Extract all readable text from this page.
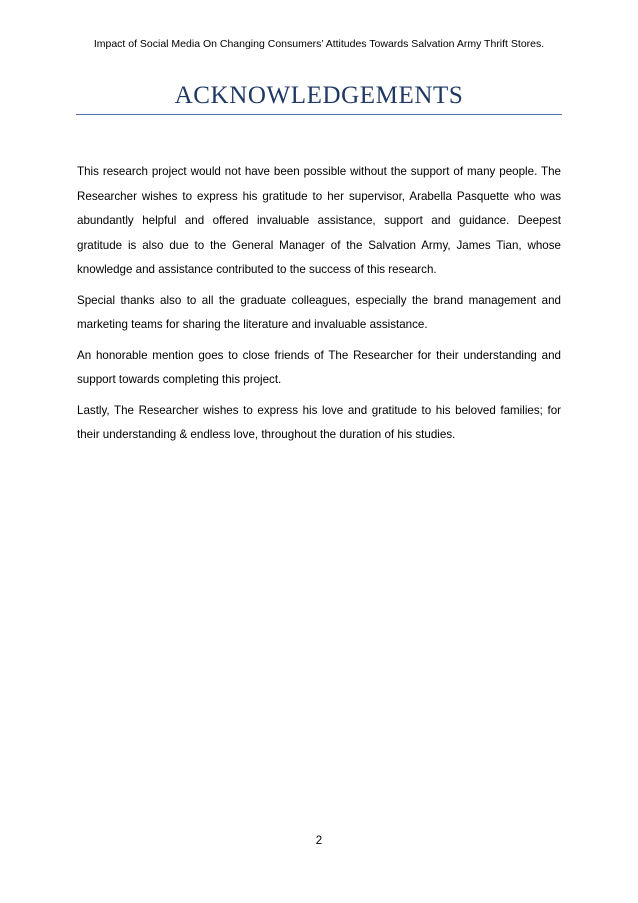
Impact of Social Media On Changing Consumers’ Attitudes Towards Salvation Army Thrift Stores.
ACKNOWLEDGEMENTS

This research project would not have been possible without the support of many people. The Researcher wishes to express his gratitude to her supervisor, Arabella Pasquette who was abundantly helpful and offered invaluable assistance, support and guidance. Deepest gratitude is also due to the General Manager of the Salvation Army, James Tian, whose knowledge and assistance contributed to the success of this research.

Special thanks also to all the graduate colleagues, especially the brand management and marketing teams for sharing the literature and invaluable assistance.

An honorable mention goes to close friends of The Researcher for their understanding and support towards completing this project.

Lastly, The Researcher wishes to express his love and gratitude to his beloved families; for their understanding & endless love, throughout the duration of his studies.

2
